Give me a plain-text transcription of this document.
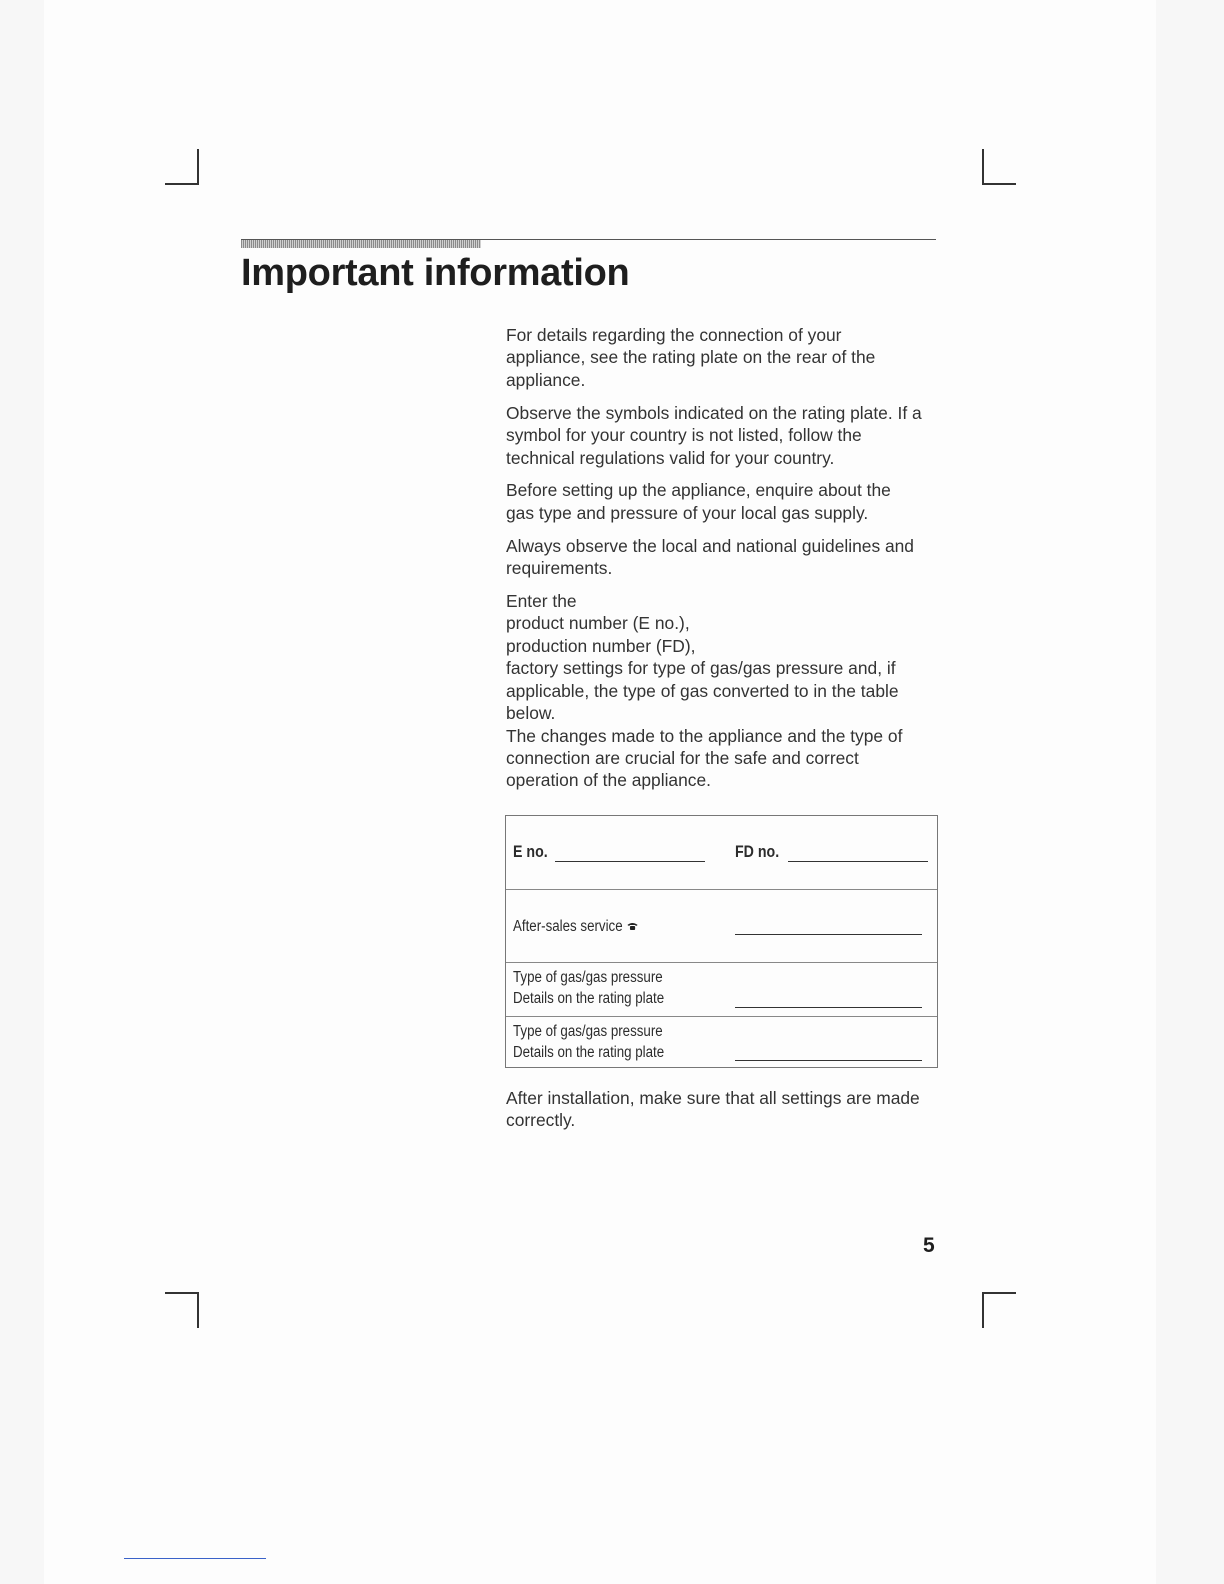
Important information

For details regarding the connection of your
appliance, see the rating plate on the rear of the
appliance.

Observe the symbols indicated on the rating plate. If a
symbol for your country is not listed, follow the
technical regulations valid for your country.

Before setting up the appliance, enquire about the
gas type and pressure of your local gas supply.

Always observe the local and national guidelines and
requirements.

Enter the
product number (E no.),
production number (FD),
factory settings for type of gas/gas pressure and, if
applicable, the type of gas converted to in the table
below.
The changes made to the appliance and the type of
connection are crucial for the safe and correct
operation of the appliance.

E no.	FD no.
After-sales service
Type of gas/gas pressure
Details on the rating plate
Type of gas/gas pressure
Details on the rating plate
After installation, make sure that all settings are made
correctly.
5
